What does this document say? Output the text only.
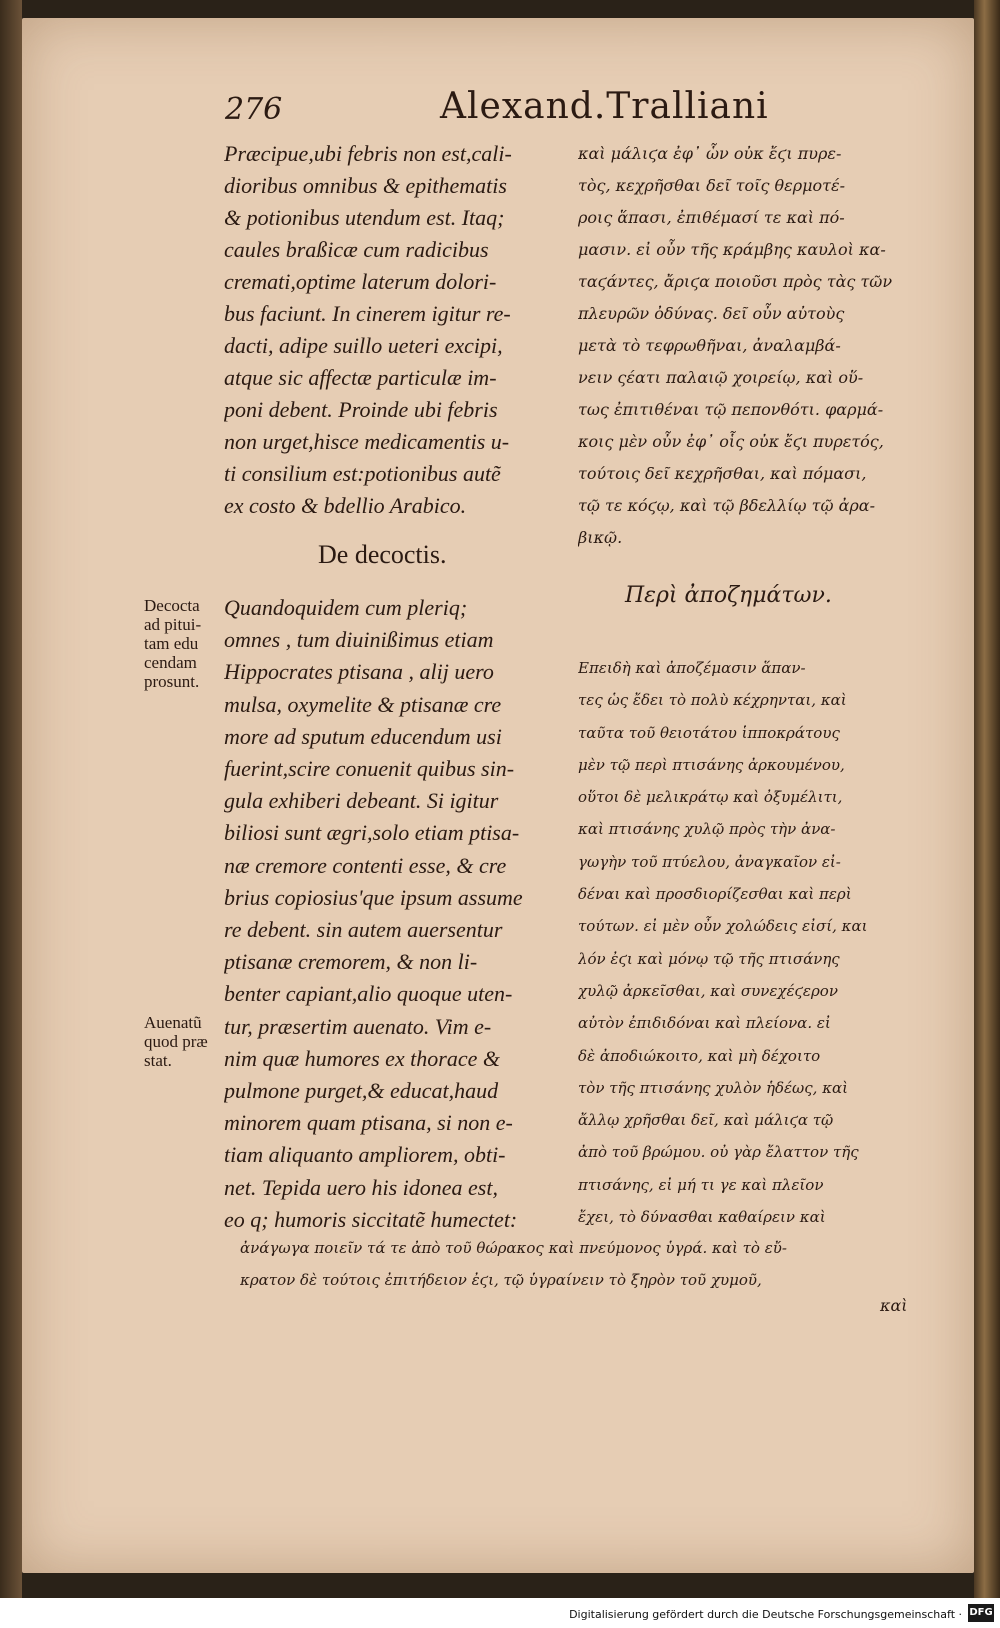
276	Alexand.Tralliani
Præcipue,ubi febris non est,cali-
dioribus omnibus & epithematis
& potionibus utendum est. Itaq;
caules braßicæ cum radicibus
cremati,optime laterum dolori-
bus faciunt. In cinerem igitur re-
dacti, adipe suillo ueteri excipi,
atque sic affectæ particulæ im-
poni debent. Proinde ubi febris
non urget,hisce medicamentis u-
ti consilium est:potionibus autẽ
ex costo & bdellio Arabico.
De decoctis.
Quandoquidem cum pleriq;
omnes , tum diuinißimus etiam
Hippocrates ptisana , alij uero
mulsa, oxymelite & ptisanæ cre
more ad sputum educendum usi
fuerint,scire conuenit quibus sin-
gula exhiberi debeant. Si igitur
biliosi sunt ægri,solo etiam ptisa-
næ cremore contenti esse, & cre
brius copiosius'que ipsum assume
re debent. sin autem auersentur
ptisanæ cremorem, & non li-
benter capiant,alio quoque uten-
tur, præsertim auenato. Vim e-
nim quæ humores ex thorace &
pulmone purget,& educat,haud
minorem quam ptisana, si non e-
tiam aliquanto ampliorem, obti-
net. Tepida uero his idonea est,
eo q; humoris siccitatẽ humectet:
καὶ μάλιϛα ἐφ᾽ ὧν οὐκ ἔϛι πυρε-
τὸς, κεχρῆσθαι δεῖ τοῖς θερμοτέ-
ροις ἅπασι, ἐπιθέμασί τε καὶ πό-
μασιν. εἰ οὖν τῆς κράμβης καυλοὶ κα-
ταϛάντες, ἄριϛα ποιοῦσι πρὸς τὰς τῶν
πλευρῶν ὀδύνας. δεῖ οὖν αὐτοὺς
μετὰ τὸ τεφρωθῆναι, ἀναλαμβά-
νειν ςέατι παλαιῷ χοιρείῳ, καὶ οὕ-
τως ἐπιτιθέναι τῷ πεπονθότι. φαρμά-
κοις μὲν οὖν ἐφ᾽ οἷς οὐκ ἔϛι πυρετός,
τούτοις δεῖ κεχρῆσθαι, καὶ πόμασι,
τῷ τε κόϛῳ, καὶ τῷ βδελλίῳ τῷ ἀρα-
βικῷ.
Περὶ ἀποζημάτων.
Επειδὴ καὶ ἀποζέμασιν ἅπαν-
τες ὡς ἔδει τὸ πολὺ κέχρηνται, καὶ
ταῦτα τοῦ θειοτάτου ἱπποκράτους
μὲν τῷ περὶ πτισάνης ἀρκουμένου,
οὕτοι δὲ μελικράτῳ καὶ ὀξυμέλιτι,
καὶ πτισάνης χυλῷ πρὸς τὴν ἀνα-
γωγὴν τοῦ πτύελου, ἀναγκαῖον εἰ-
δέναι καὶ προσδιορίζεσθαι καὶ περὶ
τούτων. εἰ μὲν οὖν χολώδεις εἰσί, και
λόν ἐϛι καὶ μόνῳ τῷ τῆς πτισάνης
χυλῷ ἀρκεῖσθαι, καὶ συνεχέϛερον
αὐτὸν ἐπιδιδόναι καὶ πλείονα. εἰ
δὲ ἀποδιώκοιτο, καὶ μὴ δέχοιτο
τὸν τῆς πτισάνης χυλὸν ἡδέως, καὶ
ἄλλῳ χρῆσθαι δεῖ, καὶ μάλιϛα τῷ
ἀπὸ τοῦ βρώμου. οὐ γὰρ ἔλαττον τῆς
πτισάνης, εἰ μή τι γε καὶ πλεῖον
ἔχει, τὸ δύνασθαι καθαίρειν καὶ
Decocta
ad pitui-
tam edu
cendam
prosunt.
Auenatũ
quod præ
stat.
ἀνάγωγα ποιεῖν τά τε ἀπὸ τοῦ θώρακος καὶ πνεύμονος ὑγρά. καὶ τὸ εὔ-
κρατον δὲ τούτοις ἐπιτήδειον ἐϛι, τῷ ὑγραίνειν τὸ ξηρὸν τοῦ χυμοῦ,
καὶ
Digitalisierung gefördert durch die Deutsche Forschungsgemeinschaft · DFG
